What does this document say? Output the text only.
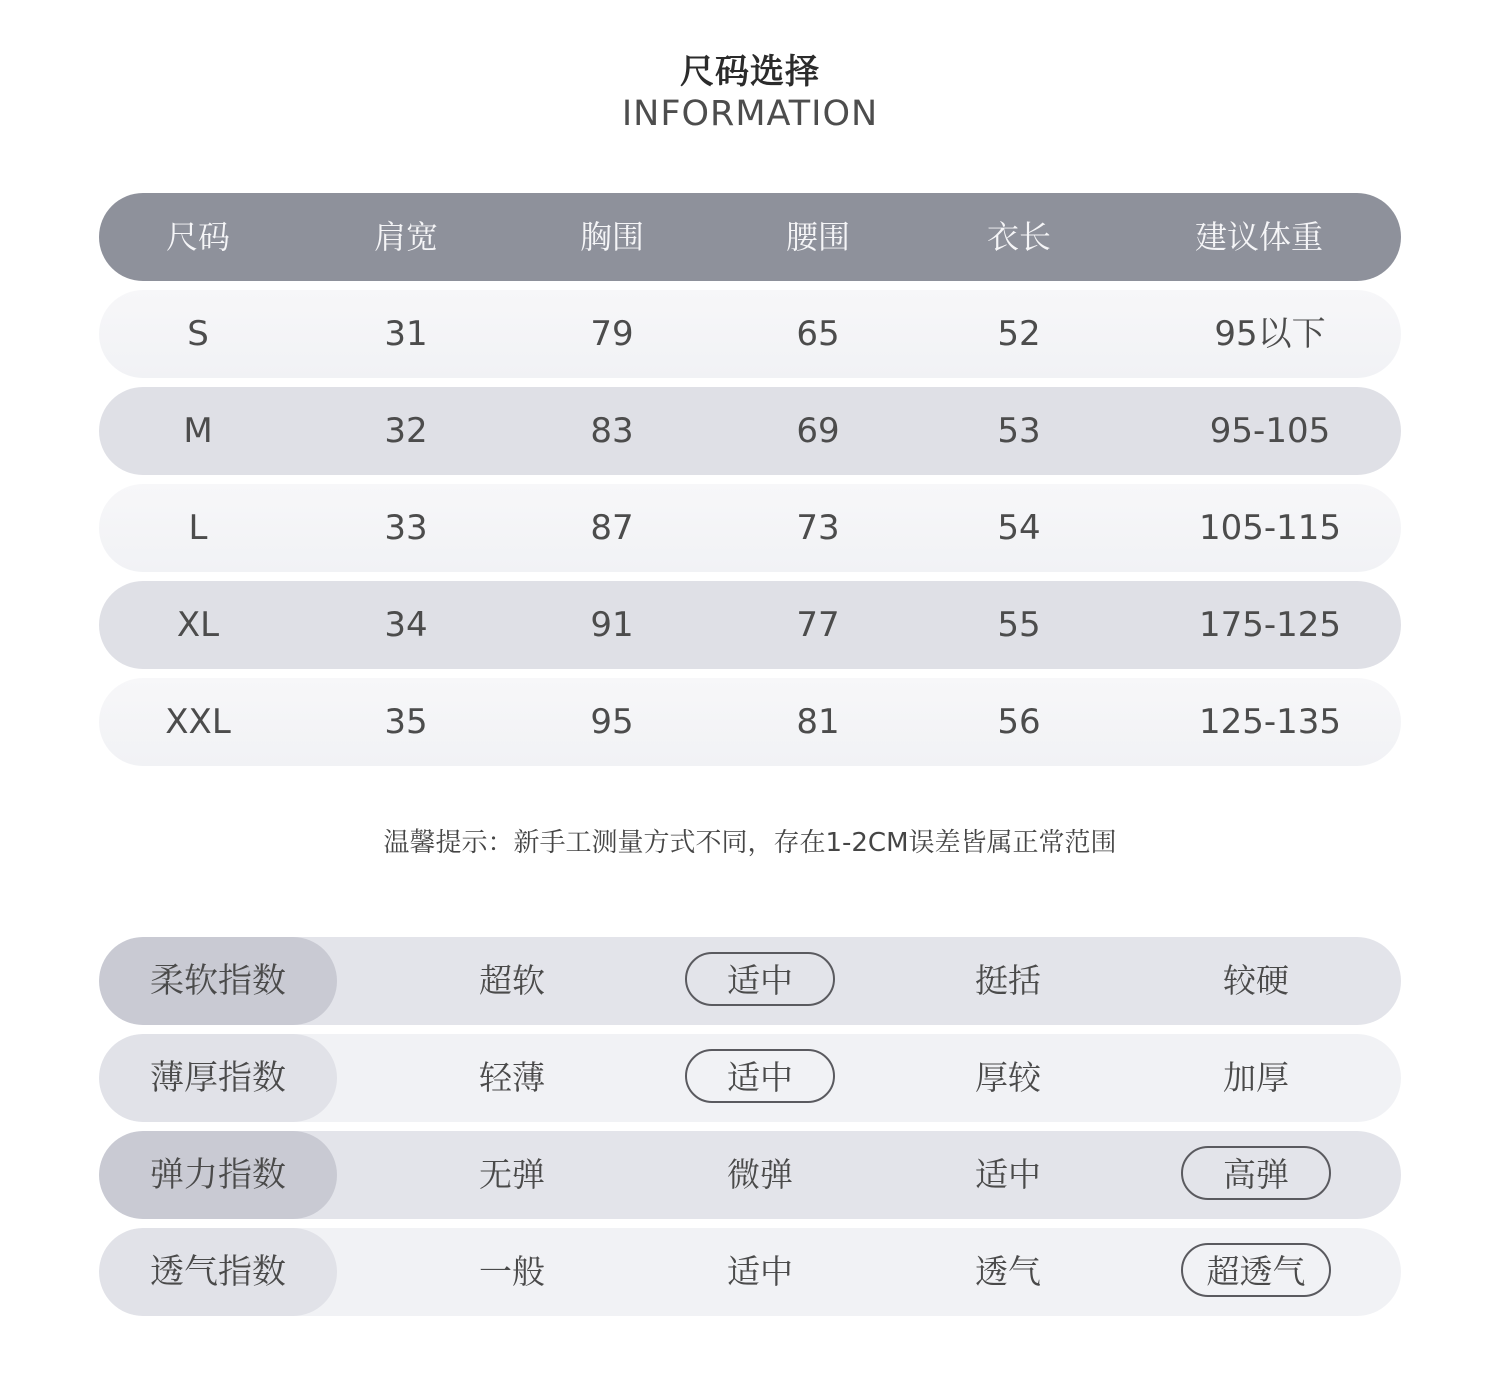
尺码选择
INFORMATION
尺码	肩宽	胸围	腰围	衣长	建议体重
S	31	79	65	52	95以下
M	32	83	69	53	95-105
L	33	87	73	54	105-115
XL	34	91	77	55	175-125
XXL	35	95	81	56	125-135
温馨提示：新手工测量方式不同，存在1-2CM误差皆属正常范围
柔软指数	超软	适中	挺括	较硬
薄厚指数	轻薄	适中	厚较	加厚
弹力指数	无弹	微弹	适中	高弹
透气指数	一般	适中	透气	超透气
